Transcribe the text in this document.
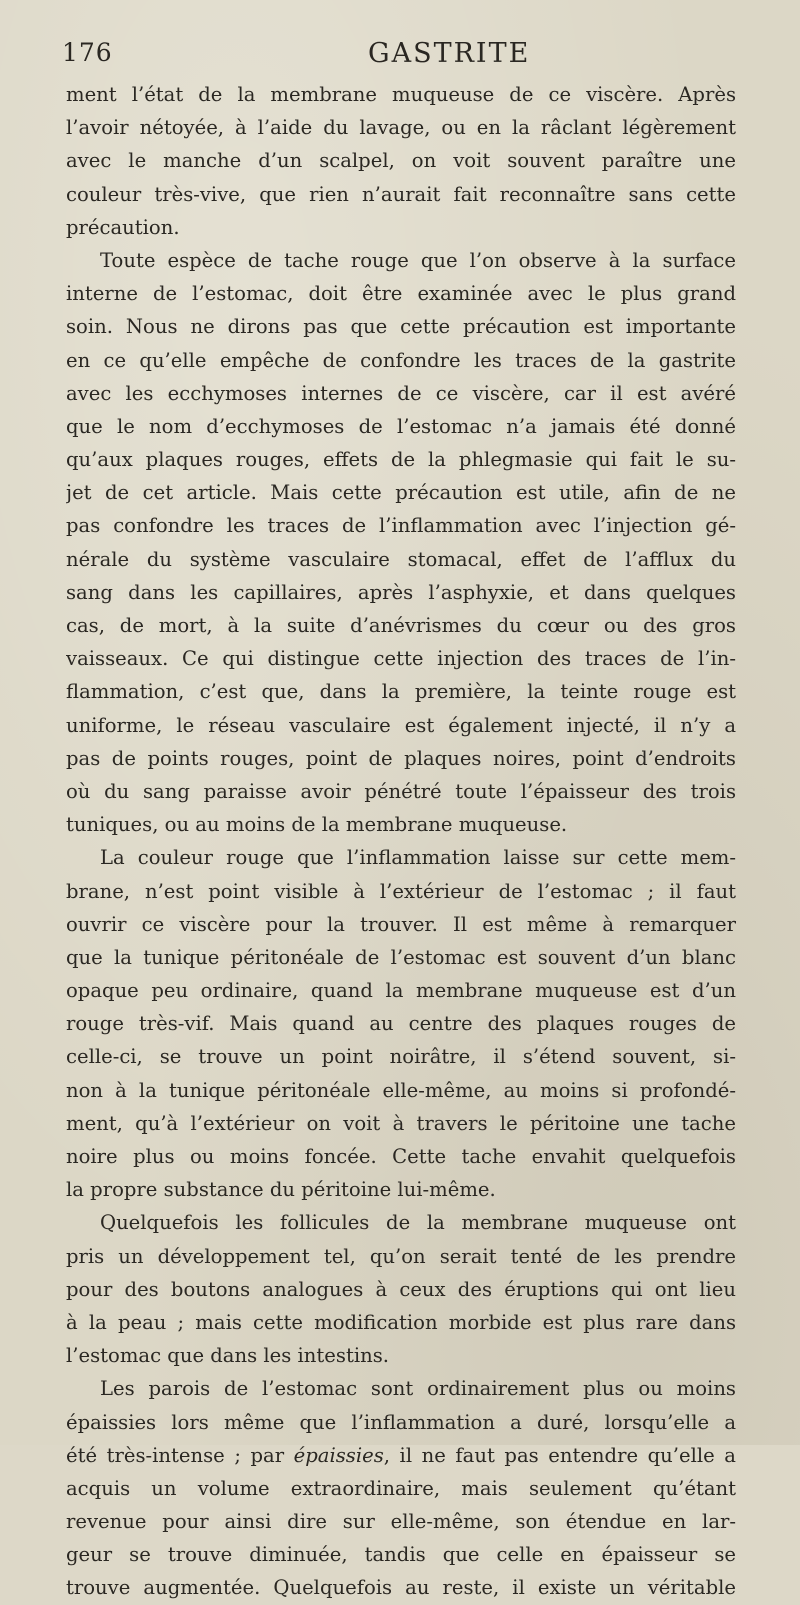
176	GASTRITE
ment l’état de la membrane muqueuse de ce viscère. Après
l’avoir nétoyée, à l’aide du lavage, ou en la râclant légèrement
avec le manche d’un scalpel, on voit souvent paraître une
couleur très-vive, que rien n’aurait fait reconnaître sans cette
précaution.
Toute espèce de tache rouge que l’on observe à la surface
interne de l’estomac, doit être examinée avec le plus grand
soin. Nous ne dirons pas que cette précaution est importante
en ce qu’elle empêche de confondre les traces de la gastrite
avec les ecchymoses internes de ce viscère, car il est avéré
que le nom d’ecchymoses de l’estomac n’a jamais été donné
qu’aux plaques rouges, effets de la phlegmasie qui fait le su-
jet de cet article. Mais cette précaution est utile, afin de ne
pas confondre les traces de l’inflammation avec l’injection gé-
nérale du système vasculaire stomacal, effet de l’afflux du
sang dans les capillaires, après l’asphyxie, et dans quelques
cas, de mort, à la suite d’anévrismes du cœur ou des gros
vaisseaux. Ce qui distingue cette injection des traces de l’in-
flammation, c’est que, dans la première, la teinte rouge est
uniforme, le réseau vasculaire est également injecté, il n’y a
pas de points rouges, point de plaques noires, point d’endroits
où du sang paraisse avoir pénétré toute l’épaisseur des trois
tuniques, ou au moins de la membrane muqueuse.
La couleur rouge que l’inflammation laisse sur cette mem-
brane, n’est point visible à l’extérieur de l’estomac ; il faut
ouvrir ce viscère pour la trouver. Il est même à remarquer
que la tunique péritonéale de l’estomac est souvent d’un blanc
opaque peu ordinaire, quand la membrane muqueuse est d’un
rouge très-vif. Mais quand au centre des plaques rouges de
celle-ci, se trouve un point noirâtre, il s’étend souvent, si-
non à la tunique péritonéale elle-même, au moins si profondé-
ment, qu’à l’extérieur on voit à travers le péritoine une tache
noire plus ou moins foncée. Cette tache envahit quelquefois
la propre substance du péritoine lui-même.
Quelquefois les follicules de la membrane muqueuse ont
pris un développement tel, qu’on serait tenté de les prendre
pour des boutons analogues à ceux des éruptions qui ont lieu
à la peau ; mais cette modification morbide est plus rare dans
l’estomac que dans les intestins.
Les parois de l’estomac sont ordinairement plus ou moins
épaissies lors même que l’inflammation a duré, lorsqu’elle a
été très-intense ; par épaissies, il ne faut pas entendre qu’elle a
acquis un volume extraordinaire, mais seulement qu’étant
revenue pour ainsi dire sur elle-même, son étendue en lar-
geur se trouve diminuée, tandis que celle en épaisseur se
trouve augmentée. Quelquefois au reste, il existe un véritable
